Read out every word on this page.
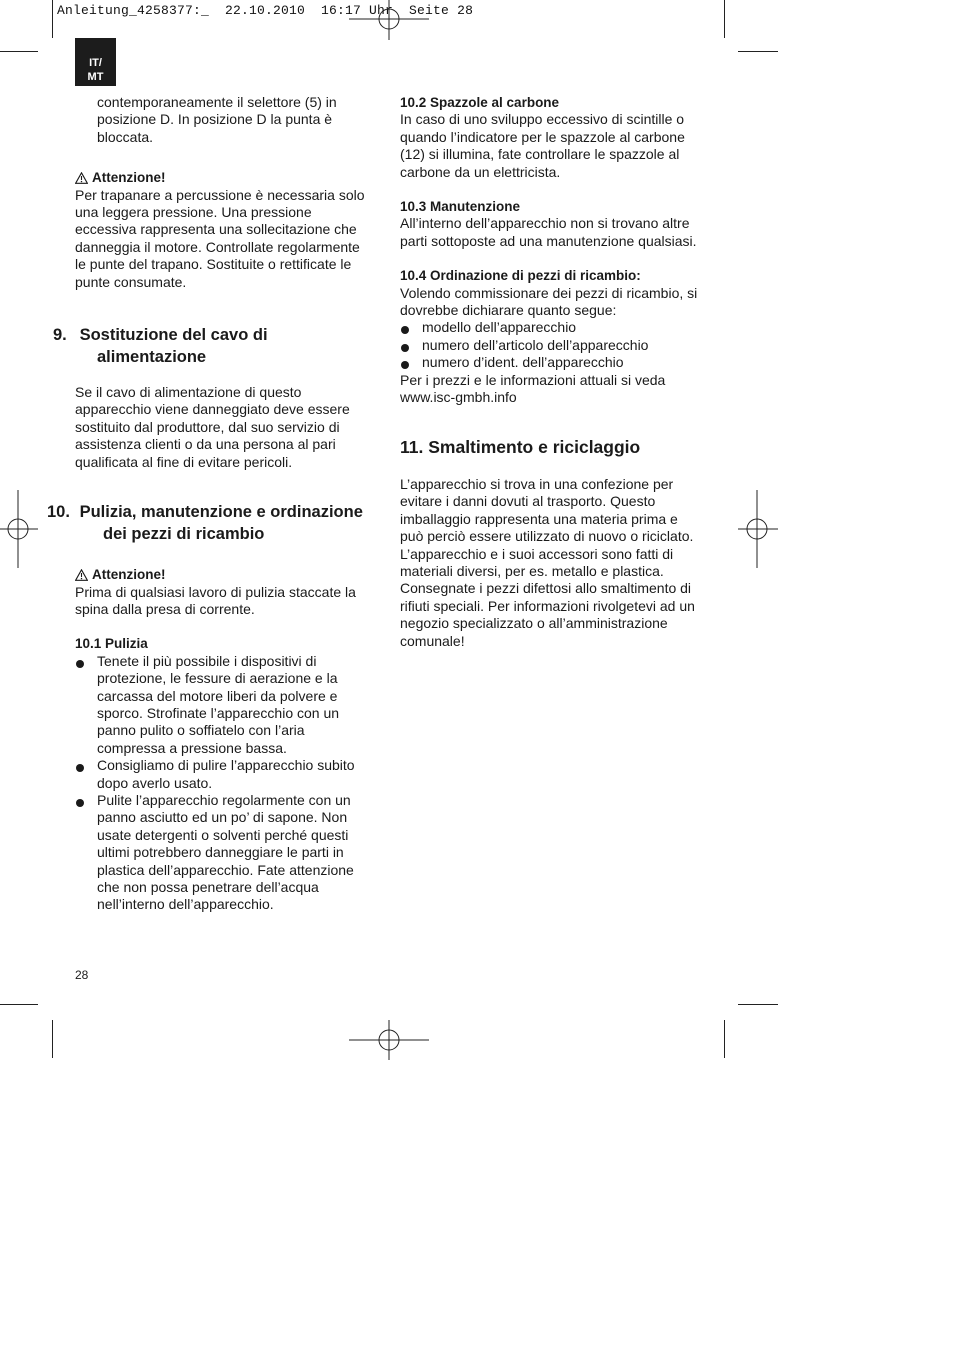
Anleitung_4258377:_  22.10.2010  16:17 Uhr  Seite 28
IT/
MT

contemporaneamente il selettore (5) in posizione D. In posizione D la punta è bloccata.

Attenzione!

Per trapanare a percussione è necessaria solo una leggera pressione. Una pressione eccessiva rappresenta una sollecitazione che danneggia il motore. Controllate regolarmente le punte del trapano. Sostituite o rettificate le punte consumate.

9. Sostituzione del cavo di alimentazione

Se il cavo di alimentazione di questo apparecchio viene danneggiato deve essere sostituito dal produttore, dal suo servizio di assistenza clienti o da una persona al pari qualificata al fine di evitare pericoli.

10. Pulizia, manutenzione e ordinazione dei pezzi di ricambio
Attenzione!

Prima di qualsiasi lavoro di pulizia staccate la spina dalla presa di corrente.

10.1 Pulizia

Tenete il più possibile i dispositivi di protezione, le fessure di aerazione e la carcassa del motore liberi da polvere e sporco. Strofinate l’apparecchio con un panno pulito o soffiatelo con l’aria compressa a pressione bassa.
Consigliamo di pulire l’apparecchio subito dopo averlo usato.
Pulite l’apparecchio regolarmente con un panno asciutto ed un po’ di sapone. Non usate detergenti o solventi perché questi ultimi potrebbero danneggiare le parti in plastica dell’apparecchio. Fate attenzione che non possa penetrare dell’acqua nell’interno dell’apparecchio.

10.2 Spazzole al carbone

In caso di uno sviluppo eccessivo di scintille o quando l’indicatore per le spazzole al carbone (12) si illumina, fate controllare le spazzole al carbone da un elettricista.

10.3 Manutenzione

All’interno dell’apparecchio non si trovano altre parti sottoposte ad una manutenzione qualsiasi.

10.4 Ordinazione di pezzi di ricambio:

Volendo commissionare dei pezzi di ricambio, si dovrebbe dichiarare quanto segue:

modello dell’apparecchio
numero dell’articolo dell’apparecchio
numero d’ident. dell’apparecchio

Per i prezzi e le informazioni attuali si veda www.isc-gmbh.info

11. Smaltimento e riciclaggio

L’apparecchio si trova in una confezione per evitare i danni dovuti al trasporto. Questo imballaggio rappresenta una materia prima e può perciò essere utilizzato di nuovo o riciclato. L’apparecchio e i suoi accessori sono fatti di materiali diversi, per es. metallo e plastica. Consegnate i pezzi difettosi allo smaltimento di rifiuti speciali. Per informazioni rivolgetevi ad un negozio specializzato o all’amministrazione comunale!

28
